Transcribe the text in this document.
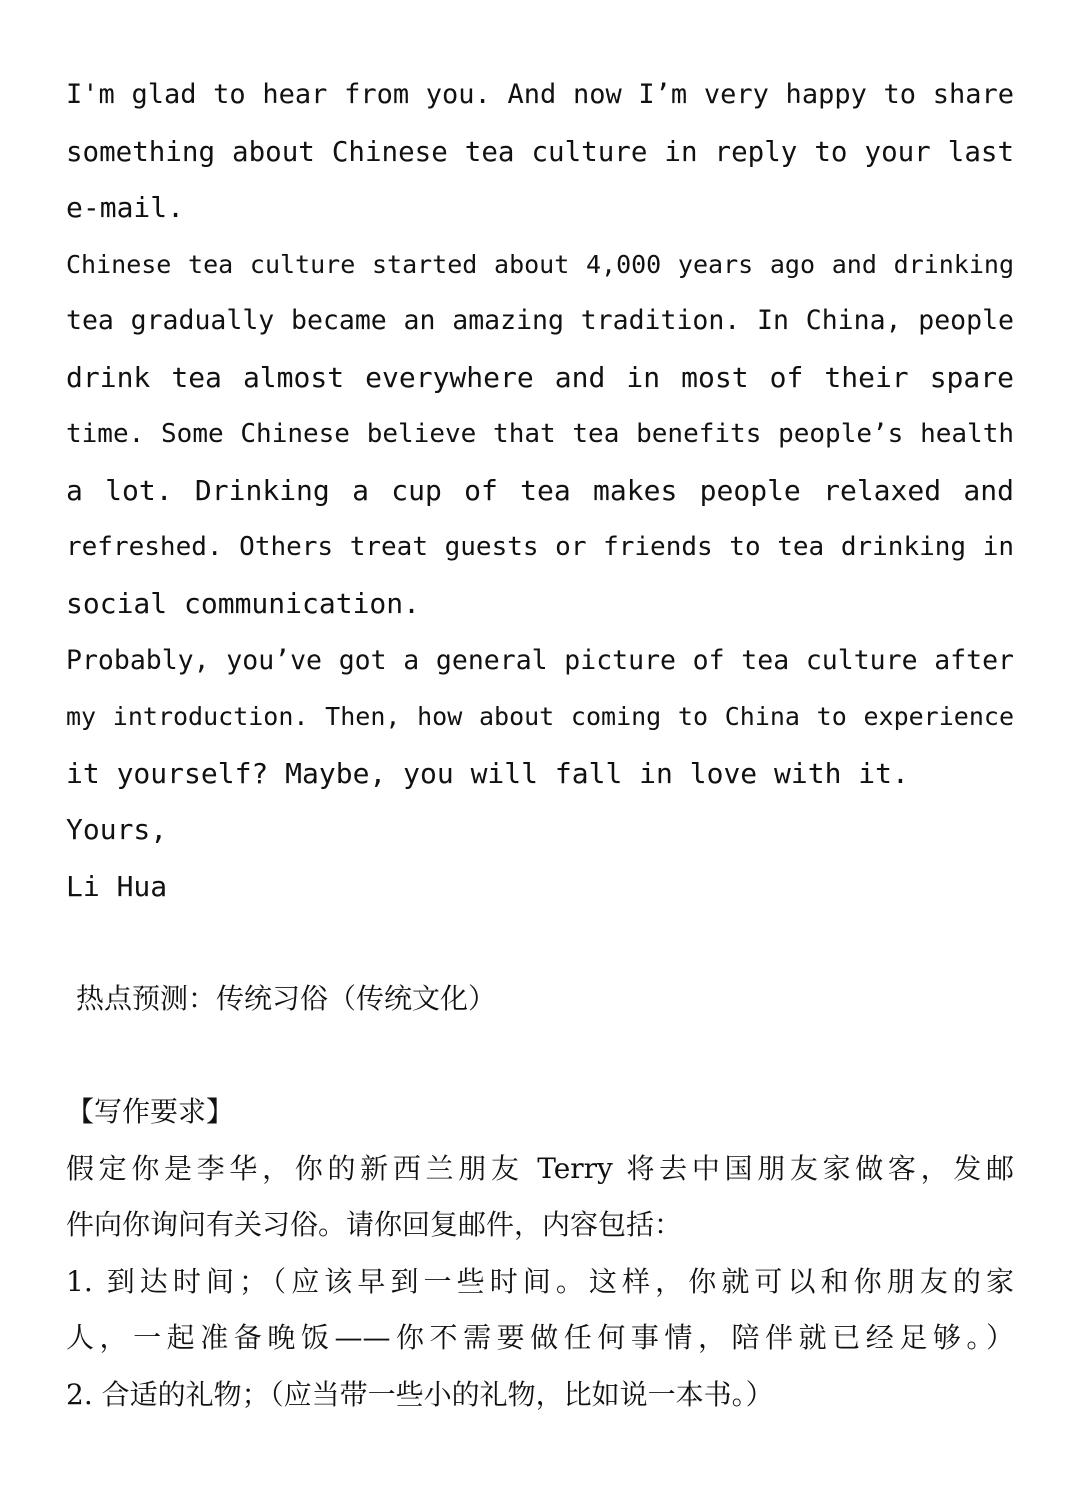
I'm glad to hear from you. And now I’m very happy to share
something about Chinese tea culture in reply to your last
e-mail.
Chinese tea culture started about 4,000 years ago and drinking
tea gradually became an amazing tradition. In China, people
drink tea almost everywhere and in most of their spare
time. Some Chinese believe that tea benefits people’s health
a lot. Drinking a cup of tea makes people relaxed and
refreshed. Others treat guests or friends to tea drinking in
social communication.
Probably, you’ve got a general picture of tea culture after
my introduction. Then, how about coming to China to experience
it yourself? Maybe, you will fall in love with it.
Yours,
Li Hua
热点预测：传统习俗（传统文化）
【写作要求】
假定你是李华，你的新西兰朋友 Terry 将去中国朋友家做客，发邮
件向你询问有关习俗。请你回复邮件，内容包括：
1. 到达时间；（应该早到一些时间。这样，你就可以和你朋友的家
人，一起准备晚饭——你不需要做任何事情，陪伴就已经足够。）
2. 合适的礼物；（应当带一些小的礼物，比如说一本书。）
